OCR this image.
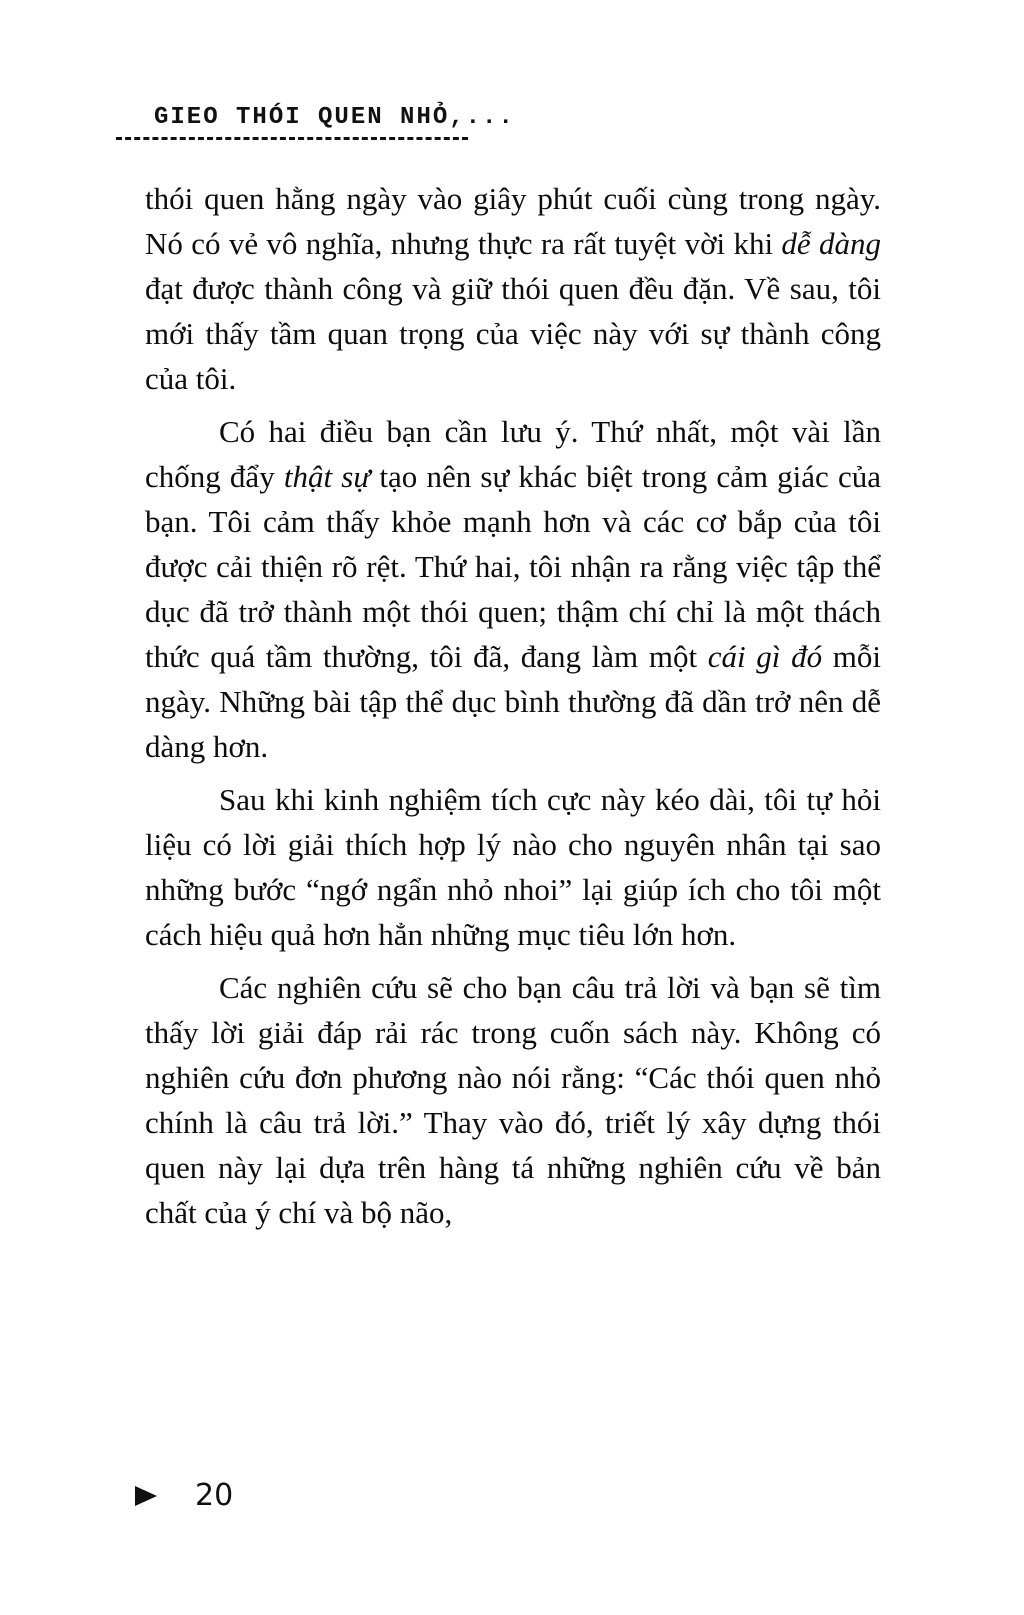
GIEO THÓI QUEN NHỎ,...

thói quen hằng ngày vào giây phút cuối cùng trong ngày. Nó có vẻ vô nghĩa, nhưng thực ra rất tuyệt vời khi dễ dàng đạt được thành công và giữ thói quen đều đặn. Về sau, tôi mới thấy tầm quan trọng của việc này với sự thành công của tôi.

Có hai điều bạn cần lưu ý. Thứ nhất, một vài lần chống đẩy thật sự tạo nên sự khác biệt trong cảm giác của bạn. Tôi cảm thấy khỏe mạnh hơn và các cơ bắp của tôi được cải thiện rõ rệt. Thứ hai, tôi nhận ra rằng việc tập thể dục đã trở thành một thói quen; thậm chí chỉ là một thách thức quá tầm thường, tôi đã, đang làm một cái gì đó mỗi ngày. Những bài tập thể dục bình thường đã dần trở nên dễ dàng hơn.

Sau khi kinh nghiệm tích cực này kéo dài, tôi tự hỏi liệu có lời giải thích hợp lý nào cho nguyên nhân tại sao những bước “ngớ ngẩn nhỏ nhoi” lại giúp ích cho tôi một cách hiệu quả hơn hẳn những mục tiêu lớn hơn.

Các nghiên cứu sẽ cho bạn câu trả lời và bạn sẽ tìm thấy lời giải đáp rải rác trong cuốn sách này. Không có nghiên cứu đơn phương nào nói rằng: “Các thói quen nhỏ chính là câu trả lời.” Thay vào đó, triết lý xây dựng thói quen này lại dựa trên hàng tá những nghiên cứu về bản chất của ý chí và bộ não,

20
